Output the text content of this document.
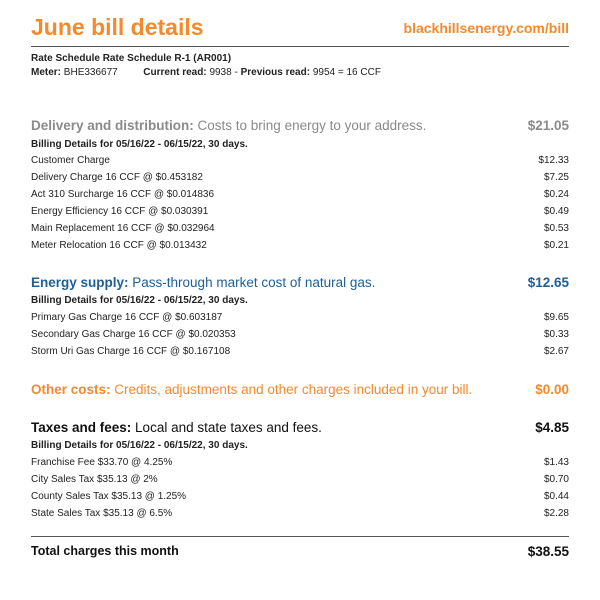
June bill details	blackhillsenergy.com/bill
Rate Schedule Rate Schedule R-1 (AR001)
Meter: BHE336677	Current read: 9938 - Previous read: 9954 = 16 CCF
Delivery and distribution: Costs to bring energy to your address.	$21.05
Billing Details for 05/16/22 - 06/15/22, 30 days.
Customer Charge	$12.33
Delivery Charge 16 CCF @ $0.453182	$7.25
Act 310 Surcharge 16 CCF @ $0.014836	$0.24
Energy Efficiency 16 CCF @ $0.030391	$0.49
Main Replacement 16 CCF @ $0.032964	$0.53
Meter Relocation 16 CCF @ $0.013432	$0.21
Energy supply: Pass-through market cost of natural gas.	$12.65
Billing Details for 05/16/22 - 06/15/22, 30 days.
Primary Gas Charge 16 CCF @ $0.603187	$9.65
Secondary Gas Charge 16 CCF @ $0.020353	$0.33
Storm Uri Gas Charge 16 CCF @ $0.167108	$2.67
Other costs: Credits, adjustments and other charges included in your bill.	$0.00
Taxes and fees: Local and state taxes and fees.	$4.85
Billing Details for 05/16/22 - 06/15/22, 30 days.
Franchise Fee $33.70 @ 4.25%	$1.43
City Sales Tax $35.13 @ 2%	$0.70
County Sales Tax $35.13 @ 1.25%	$0.44
State Sales Tax $35.13 @ 6.5%	$2.28
Total charges this month	$38.55
